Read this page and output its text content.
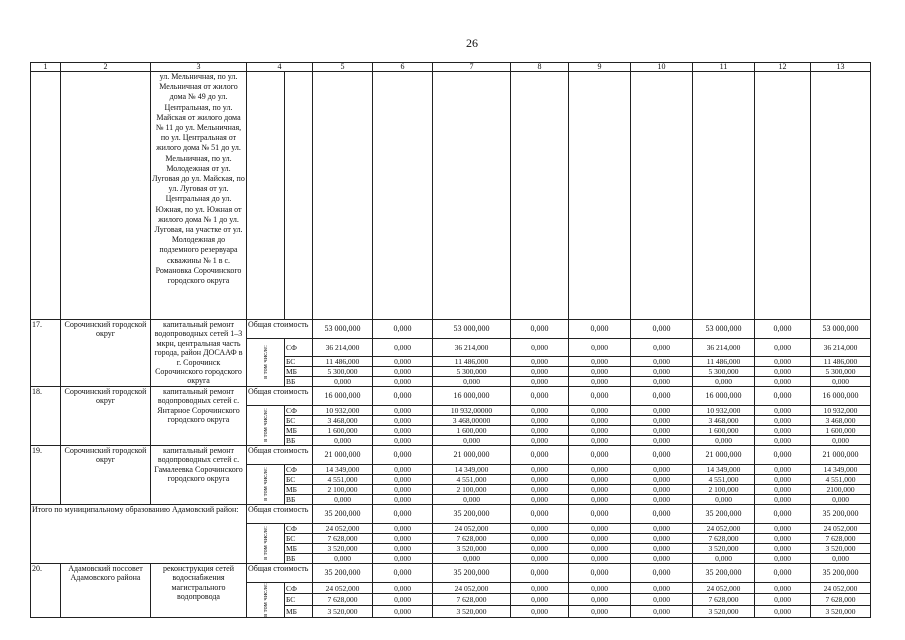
26
1	2	3	4		5	6	7	8	9	10	11	12	13
		ул. Мельничная, по ул. Мельничная от жилого дома № 49 до ул. Центральная, по ул. Майская от жилого дома № 11 до ул. Мельничная, по ул. Центральная от жилого дома № 51 до ул. Мельничная, по ул. Молодежная от ул. Луговая до ул. Майская, по ул. Луговая от ул. Центральная до ул. Южная, по ул. Южная от жилого дома № 1 до ул. Луговая, на участке от ул. Молодежная до подземного резервуара скважины № 1 в с. Романовка Сорочинского городского округа											
17.	Сорочинский городской округ	капитальный ремонт водопроводных сетей 1–3 мкрн, центральная часть города, район ДОСААФ в г. Сорочинск Сорочинского городского округа	Общая стоимость		53 000,000	0,000	53 000,000	0,000	0,000	0,000	53 000,000	0,000	53 000,000

			в том числе:	СФ	36 214,000	0,000	36 214,000	0,000	0,000	0,000	36 214,000	0,000	36 214,000
				БС	11 486,000	0,000	11 486,000	0,000	0,000	0,000	11 486,000	0,000	11 486,000
				МБ	5 300,000	0,000	5 300,000	0,000	0,000	0,000	5 300,000	0,000	5 300,000
				ВБ	0,000	0,000	0,000	0,000	0,000	0,000	0,000	0,000	0,000
18.	Сорочинский городской округ	капитальный ремонт водопроводных сетей с. Янтарное Сорочинского городского округа	Общая стоимость		16 000,000	0,000	16 000,000	0,000	0,000	0,000	16 000,000	0,000	16 000,000

			в том числе:	СФ	10 932,000	0,000	10 932,00000	0,000	0,000	0,000	10 932,000	0,000	10 932,000
				БС	3 468,000	0,000	3 468,00000	0,000	0,000	0,000	3 468,000	0,000	3 468,000
				МБ	1 600,000	0,000	1 600,000	0,000	0,000	0,000	1 600,000	0,000	1 600,000
				ВБ	0,000	0,000	0,000	0,000	0,000	0,000	0,000	0,000	0,000
19.	Сорочинский городской округ	капитальный ремонт водопроводных сетей с. Гамалеевка Сорочинского городского округа	Общая стоимость		21 000,000	0,000	21 000,000	0,000	0,000	0,000	21 000,000	0,000	21 000,000

			в том числе:	СФ	14 349,000	0,000	14 349,000	0,000	0,000	0,000	14 349,000	0,000	14 349,000
				БС	4 551,000	0,000	4 551,000	0,000	0,000	0,000	4 551,000	0,000	4 551,000
				МБ	2 100,000	0,000	2 100,000	0,000	0,000	0,000	2 100,000	0,000	2100,000
				ВБ	0,000	0,000	0,000	0,000	0,000	0,000	0,000	0,000	0,000
Итого по муниципальному образованию Адамовский район:			Общая стоимость		35 200,000	0,000	35 200,000	0,000	0,000	0,000	35 200,000	0,000	35 200,000

			в том числе:	СФ	24 052,000	0,000	24 052,000	0,000	0,000	0,000	24 052,000	0,000	24 052,000
				БС	7 628,000	0,000	7 628,000	0,000	0,000	0,000	7 628,000	0,000	7 628,000
				МБ	3 520,000	0,000	3 520,000	0,000	0,000	0,000	3 520,000	0,000	3 520,000
				ВБ	0,000	0,000	0,000	0,000	0,000	0,000	0,000	0,000	0,000
20.	Адамовский поссовет Адамовского района	реконструкция сетей водоснабжения магистрального водопровода	Общая стоимость		35 200,000	0,000	35 200,000	0,000	0,000	0,000	35 200,000	0,000	35 200,000

			в том числе:	СФ	24 052,000	0,000	24 052,000	0,000	0,000	0,000	24 052,000	0,000	24 052,000
				БС	7 628,000	0,000	7 628,000	0,000	0,000	0,000	7 628,000	0,000	7 628,000
				МБ	3 520,000	0,000	3 520,000	0,000	0,000	0,000	3 520,000	0,000	3 520,000
